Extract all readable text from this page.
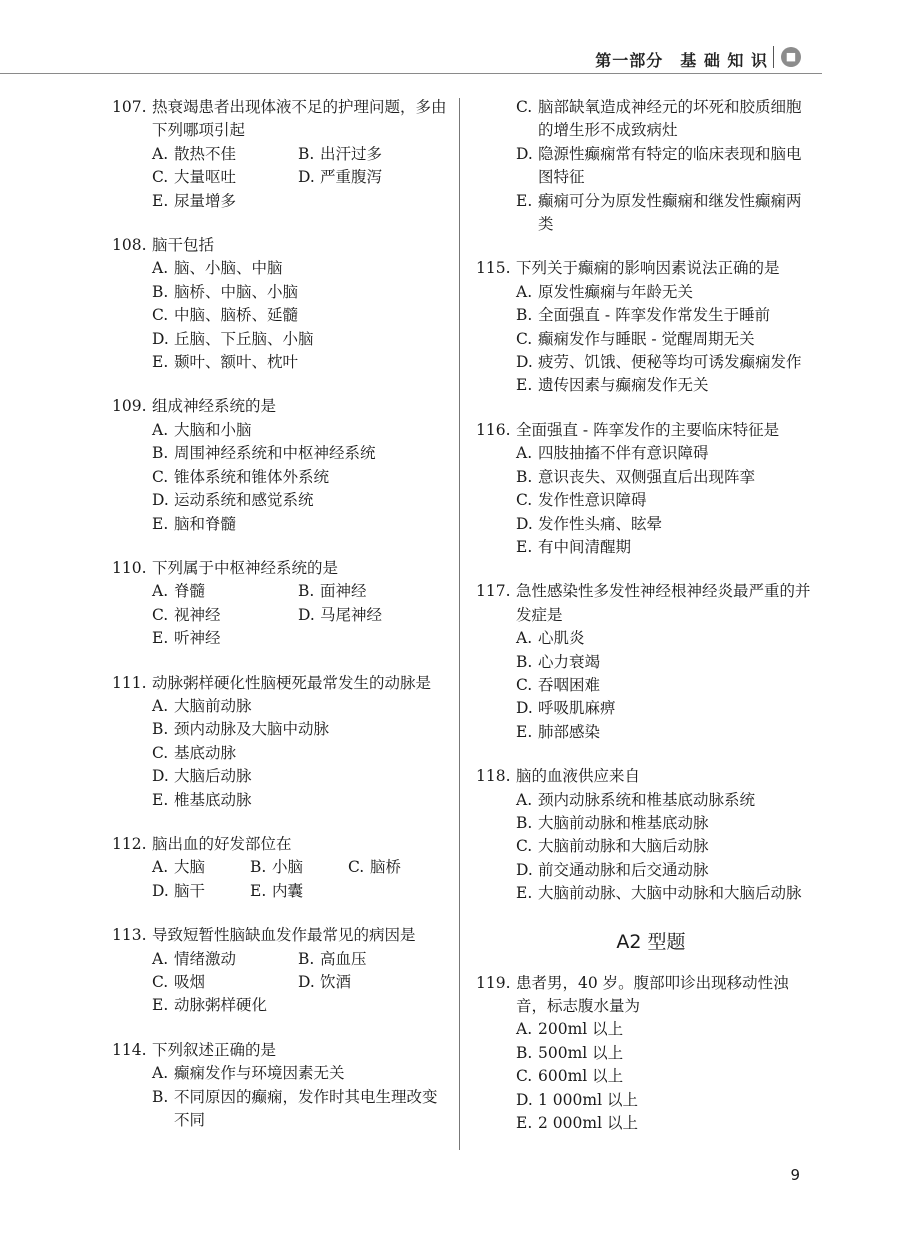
第一部分　基 础 知 识	■
107. 热衰竭患者出现体液不足的护理问题，多由下列哪项引起
A. 散热不佳	B. 出汗过多
C. 大量呕吐	D. 严重腹泻
E. 尿量增多
108. 脑干包括
A. 脑、小脑、中脑
B. 脑桥、中脑、小脑
C. 中脑、脑桥、延髓
D. 丘脑、下丘脑、小脑
E. 颞叶、额叶、枕叶
109. 组成神经系统的是
A. 大脑和小脑
B. 周围神经系统和中枢神经系统
C. 锥体系统和锥体外系统
D. 运动系统和感觉系统
E. 脑和脊髓
110. 下列属于中枢神经系统的是
A. 脊髓	B. 面神经
C. 视神经	D. 马尾神经
E. 听神经
111. 动脉粥样硬化性脑梗死最常发生的动脉是
A. 大脑前动脉
B. 颈内动脉及大脑中动脉
C. 基底动脉
D. 大脑后动脉
E. 椎基底动脉
112. 脑出血的好发部位在
A. 大脑	B. 小脑	C. 脑桥
D. 脑干	E. 内囊
113. 导致短暂性脑缺血发作最常见的病因是
A. 情绪激动	B. 高血压
C. 吸烟	D. 饮酒
E. 动脉粥样硬化
114. 下列叙述正确的是
A. 癫痫发作与环境因素无关
B. 不同原因的癫痫，发作时其电生理改变不同
C. 脑部缺氧造成神经元的坏死和胶质细胞的增生形不成致病灶
D. 隐源性癫痫常有特定的临床表现和脑电图特征
E. 癫痫可分为原发性癫痫和继发性癫痫两类
115. 下列关于癫痫的影响因素说法正确的是
A. 原发性癫痫与年龄无关
B. 全面强直 - 阵挛发作常发生于睡前
C. 癫痫发作与睡眠 - 觉醒周期无关
D. 疲劳、饥饿、便秘等均可诱发癫痫发作
E. 遗传因素与癫痫发作无关
116. 全面强直 - 阵挛发作的主要临床特征是
A. 四肢抽搐不伴有意识障碍
B. 意识丧失、双侧强直后出现阵挛
C. 发作性意识障碍
D. 发作性头痛、眩晕
E. 有中间清醒期
117. 急性感染性多发性神经根神经炎最严重的并发症是
A. 心肌炎
B. 心力衰竭
C. 吞咽困难
D. 呼吸肌麻痹
E. 肺部感染
118. 脑的血液供应来自
A. 颈内动脉系统和椎基底动脉系统
B. 大脑前动脉和椎基底动脉
C. 大脑前动脉和大脑后动脉
D. 前交通动脉和后交通动脉
E. 大脑前动脉、大脑中动脉和大脑后动脉
A2 型题
119. 患者男，40 岁。腹部叩诊出现移动性浊音，标志腹水量为
A. 200ml 以上
B. 500ml 以上
C. 600ml 以上
D. 1 000ml 以上
E. 2 000ml 以上
9
